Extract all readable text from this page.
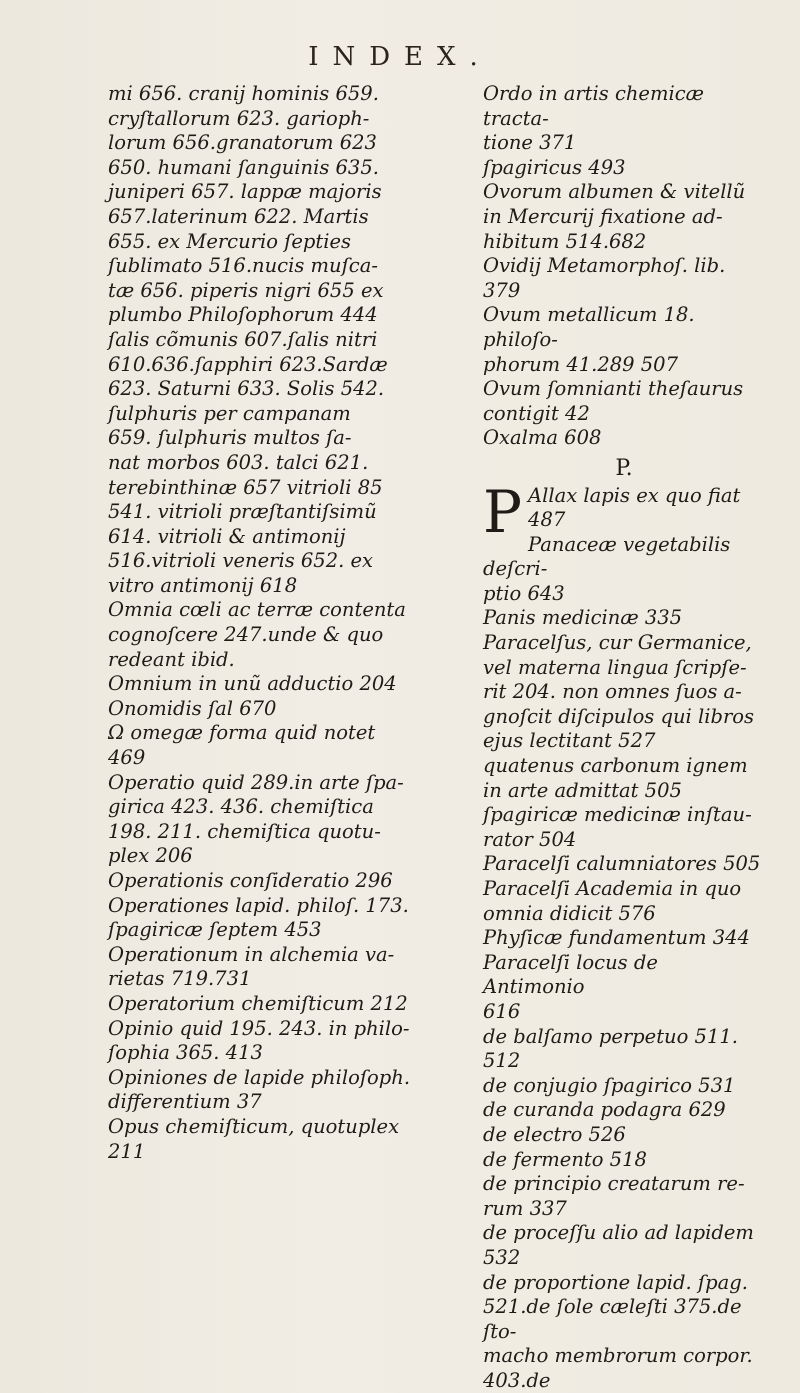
INDEX.
mi 656. cranij hominis 659.
cryſtallorum 623. garioph-
lorum 656.granatorum 623
650. humani ſanguinis 635.
juniperi 657. lappæ majoris
657.laterinum 622. Martis
655. ex Mercurio ſepties
ſublimato 516.nucis muſca-
tæ 656. piperis nigri 655 ex
plumbo Philoſophorum 444
ſalis cõmunis 607.ſalis nitri
610.636.ſapphiri 623.Sardæ
623. Saturni 633. Solis 542.
ſulphuris per campanam
659. ſulphuris multos ſa-
nat morbos 603. talci 621.
terebinthinæ 657 vitrioli 85
541. vitrioli præſtantiſsimũ
614. vitrioli & antimonij
516.vitrioli veneris 652. ex
vitro antimonij 618
Omnia cœli ac terræ contenta
cognoſcere 247.unde & quo
redeant ibid.
Omnium in unũ adductio 204
Onomidis ſal 670
Ω omegæ forma quid notet
469
Operatio quid 289.in arte ſpa-
girica 423. 436. chemiſtica
198. 211. chemiſtica quotu-
plex 206
Operationis conſideratio 296
Operationes lapid. philoſ. 173.
ſpagiricæ ſeptem 453
Operationum in alchemia va-
rietas 719.731
Operatorium chemiſticum 212
Opinio quid 195. 243. in philo-
ſophia 365. 413
Opiniones de lapide philoſoph.
differentium 37
Opus chemiſticum, quotuplex
211
Ordo in artis chemicæ tracta-
tione 371
ſpagiricus 493
Ovorum albumen & vitellũ
in Mercurij fixatione ad-
hibitum 514.682
Ovidij Metamorphoſ. lib. 379
Ovum metallicum 18. philoſo-
phorum 41.289 507
Ovum ſomnianti theſaurus
contigit 42
Oxalma 608
P.
P Allax lapis ex quo fiat 487
Panaceæ vegetabilis deſcri-
ptio 643
Panis medicinæ 335
Paracelſus, cur Germanice,
vel materna lingua ſcripſe-
rit 204. non omnes ſuos a-
gnoſcit diſcipulos qui libros
ejus lectitant 527
quatenus carbonum ignem
in arte admittat 505
ſpagiricæ medicinæ inſtau-
rator 504
Paracelſi calumniatores 505
Paracelſi Academia in quo
omnia didicit 576
Phyſicæ fundamentum 344
Paracelſi locus de Antimonio
616
de balſamo perpetuo 511. 512
de conjugio ſpagirico 531
de curanda podagra 629
de electro 526
de fermento 518
de principio creatarum re-
rum 337
de proceſſu alio ad lapidem
532
de proportione lapid. ſpag.
521.de ſole cæleſti 375.de ſto-
macho membrorum corpor.
403.de
